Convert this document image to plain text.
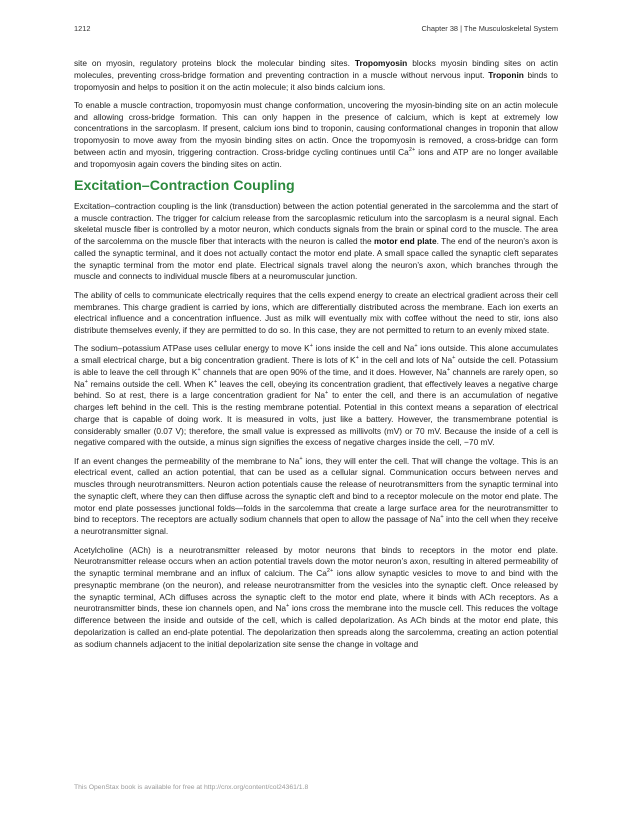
1212	Chapter 38 | The Musculoskeletal System

site on myosin, regulatory proteins block the molecular binding sites. Tropomyosin blocks myosin binding sites on actin molecules, preventing cross-bridge formation and preventing contraction in a muscle without nervous input. Troponin binds to tropomyosin and helps to position it on the actin molecule; it also binds calcium ions.

To enable a muscle contraction, tropomyosin must change conformation, uncovering the myosin-binding site on an actin molecule and allowing cross-bridge formation. This can only happen in the presence of calcium, which is kept at extremely low concentrations in the sarcoplasm. If present, calcium ions bind to troponin, causing conformational changes in troponin that allow tropomyosin to move away from the myosin binding sites on actin. Once the tropomyosin is removed, a cross-bridge can form between actin and myosin, triggering contraction. Cross-bridge cycling continues until $Ca^{2+}$ ions and ATP are no longer available and tropomyosin again covers the binding sites on actin.

Excitation–Contraction Coupling

Excitation–contraction coupling is the link (transduction) between the action potential generated in the sarcolemma and the start of a muscle contraction. The trigger for calcium release from the sarcoplasmic reticulum into the sarcoplasm is a neural signal. Each skeletal muscle fiber is controlled by a motor neuron, which conducts signals from the brain or spinal cord to the muscle. The area of the sarcolemma on the muscle fiber that interacts with the neuron is called the motor end plate. The end of the neuron’s axon is called the synaptic terminal, and it does not actually contact the motor end plate. A small space called the synaptic cleft separates the synaptic terminal from the motor end plate. Electrical signals travel along the neuron’s axon, which branches through the muscle and connects to individual muscle fibers at a neuromuscular junction.

The ability of cells to communicate electrically requires that the cells expend energy to create an electrical gradient across their cell membranes. This charge gradient is carried by ions, which are differentially distributed across the membrane. Each ion exerts an electrical influence and a concentration influence. Just as milk will eventually mix with coffee without the need to stir, ions also distribute themselves evenly, if they are permitted to do so. In this case, they are not permitted to return to an evenly mixed state.

The sodium–potassium ATPase uses cellular energy to move K+ ions inside the cell and Na+ ions outside. This alone accumulates a small electrical charge, but a big concentration gradient. There is lots of K+ in the cell and lots of Na+ outside the cell. Potassium is able to leave the cell through K+ channels that are open 90% of the time, and it does. However, Na+ channels are rarely open, so Na+ remains outside the cell. When K+ leaves the cell, obeying its concentration gradient, that effectively leaves a negative charge behind. So at rest, there is a large concentration gradient for Na+ to enter the cell, and there is an accumulation of negative charges left behind in the cell. This is the resting membrane potential. Potential in this context means a separation of electrical charge that is capable of doing work. It is measured in volts, just like a battery. However, the transmembrane potential is considerably smaller (0.07 V); therefore, the small value is expressed as millivolts (mV) or 70 mV. Because the inside of a cell is negative compared with the outside, a minus sign signifies the excess of negative charges inside the cell, −70 mV.

If an event changes the permeability of the membrane to Na+ ions, they will enter the cell. That will change the voltage. This is an electrical event, called an action potential, that can be used as a cellular signal. Communication occurs between nerves and muscles through neurotransmitters. Neuron action potentials cause the release of neurotransmitters from the synaptic terminal into the synaptic cleft, where they can then diffuse across the synaptic cleft and bind to a receptor molecule on the motor end plate. The motor end plate possesses junctional folds—folds in the sarcolemma that create a large surface area for the neurotransmitter to bind to receptors. The receptors are actually sodium channels that open to allow the passage of Na+ into the cell when they receive a neurotransmitter signal.

Acetylcholine (ACh) is a neurotransmitter released by motor neurons that binds to receptors in the motor end plate. Neurotransmitter release occurs when an action potential travels down the motor neuron’s axon, resulting in altered permeability of the synaptic terminal membrane and an influx of calcium. The $Ca^{2+}$ ions allow synaptic vesicles to move to and bind with the presynaptic membrane (on the neuron), and release neurotransmitter from the vesicles into the synaptic cleft. Once released by the synaptic terminal, ACh diffuses across the synaptic cleft to the motor end plate, where it binds with ACh receptors. As a neurotransmitter binds, these ion channels open, and Na+ ions cross the membrane into the muscle cell. This reduces the voltage difference between the inside and outside of the cell, which is called depolarization. As ACh binds at the motor end plate, this depolarization is called an end-plate potential. The depolarization then spreads along the sarcolemma, creating an action potential as sodium channels adjacent to the initial depolarization site sense the change in voltage and

This OpenStax book is available for free at http://cnx.org/content/col24361/1.8
